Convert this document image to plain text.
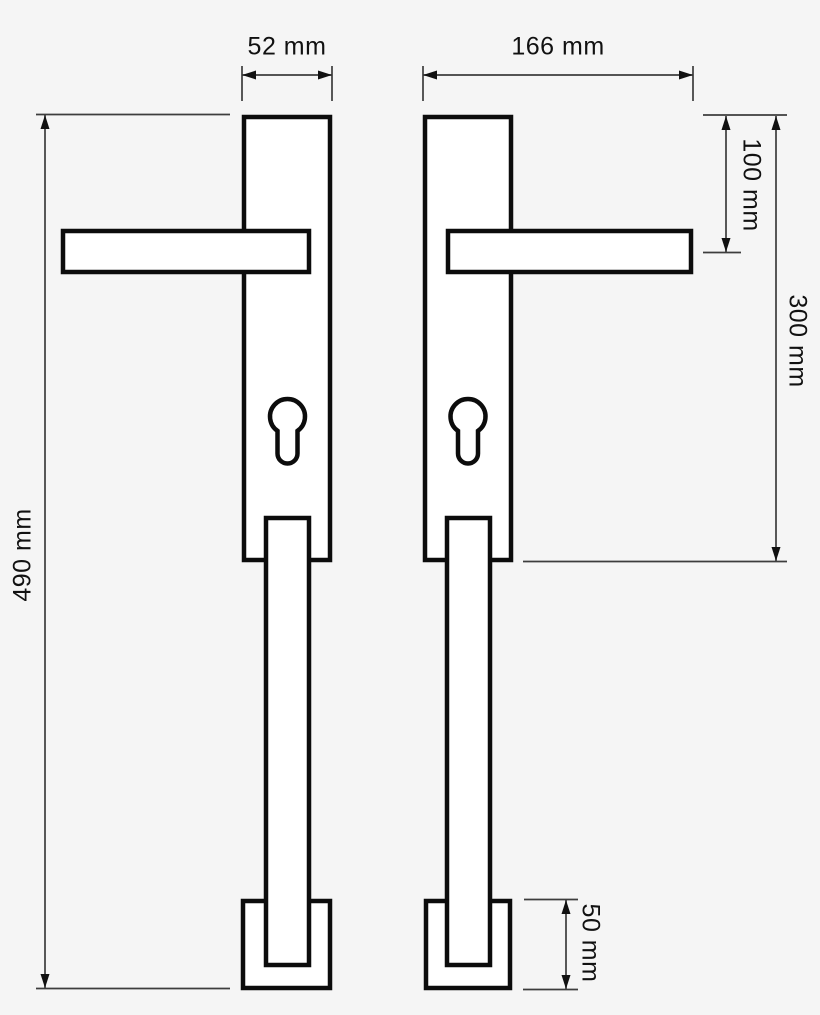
52 mm	166 mm
100 mm
300 mm
490 mm
50 mm
